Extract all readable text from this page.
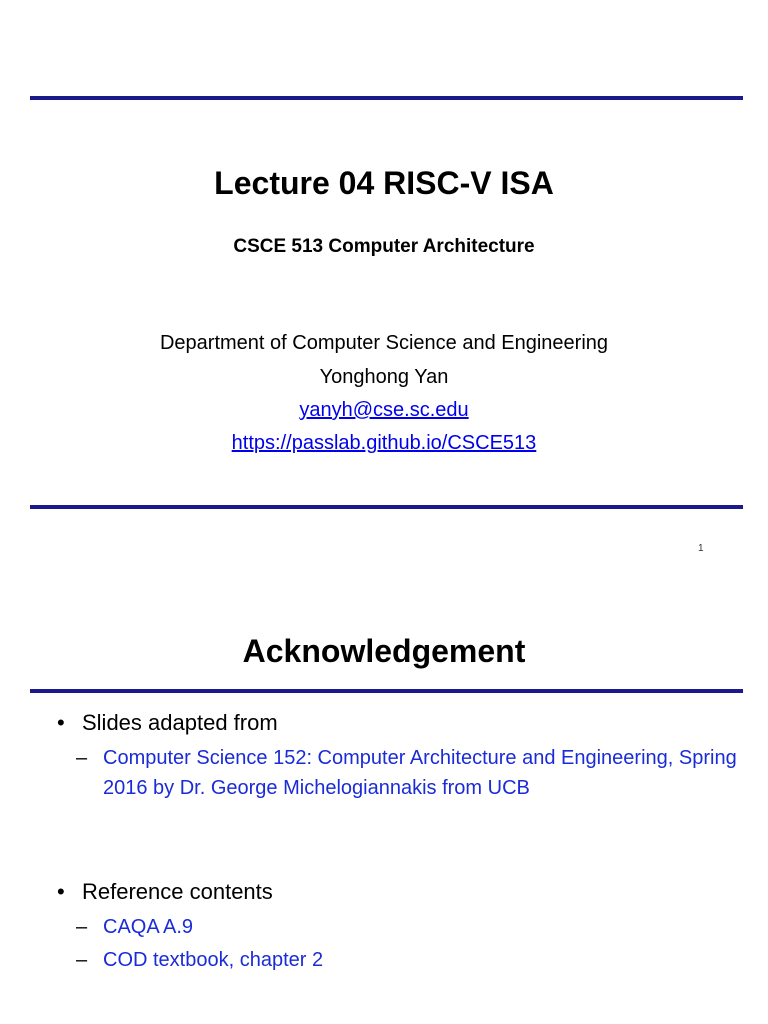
Lecture 04 RISC-V ISA
CSCE 513 Computer Architecture
Department of Computer Science and Engineering
Yonghong Yan
yanyh@cse.sc.edu
https://passlab.github.io/CSCE513
1
Acknowledgement
• Slides adapted from
– Computer Science 152: Computer Architecture and Engineering, Spring 2016 by Dr. George Michelogiannakis from UCB
• Reference contents
– CAQA A.9
– COD textbook, chapter 2
